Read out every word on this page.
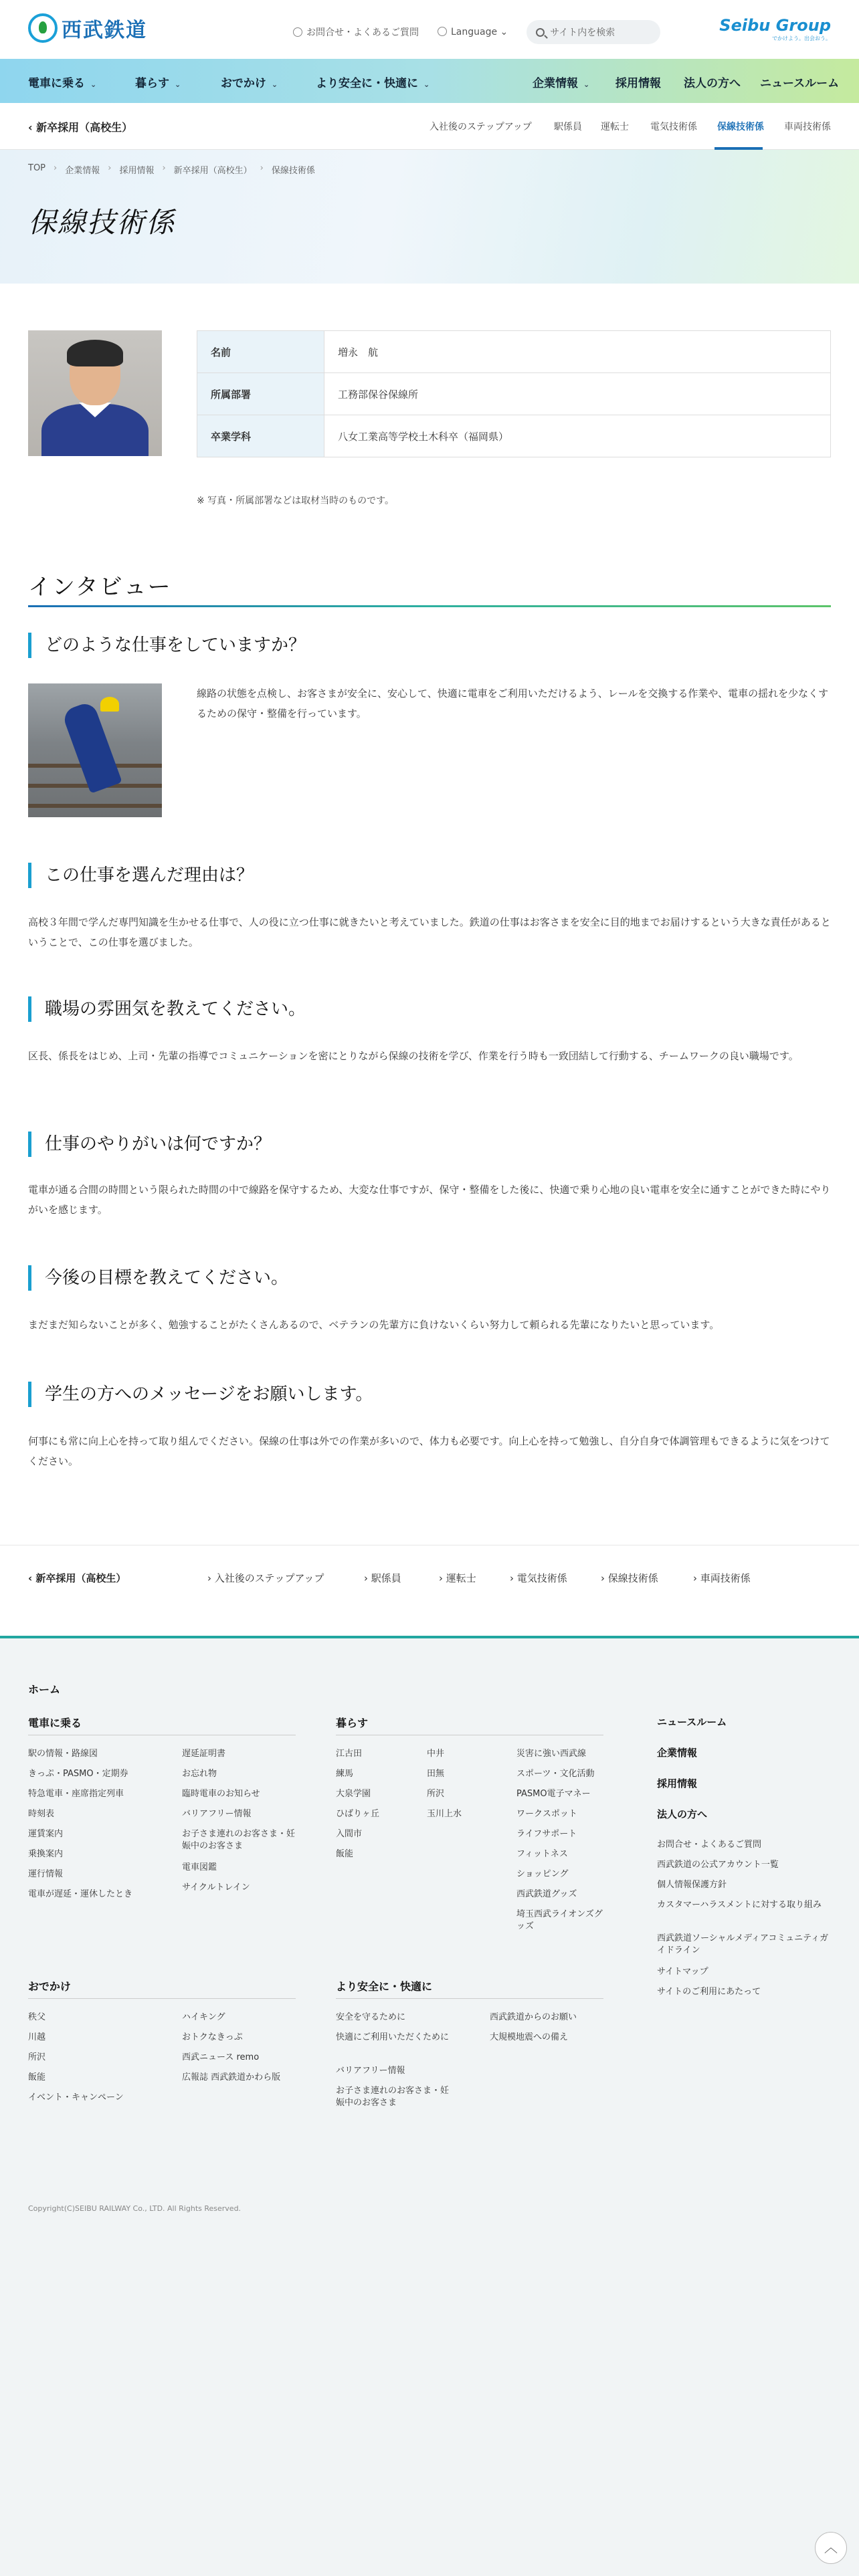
西武鉄道	お問合せ・よくあるご質問	Language ⌄	サイト内を検索	Seibu Group
でかけよう。出会おう。
電車に乗る ⌄	暮らす ⌄	おでかけ ⌄	より安全に・快適に ⌄	企業情報 ⌄ 採用情報 法人の方へ ニュースルーム
‹ 新卒採用（高校生）	入社後のステップアップ 駅係員 運転士 電気技術係 保線技術係 車両技術係
TOP › 企業情報 › 採用情報 › 新卒採用（高校生） › 保線技術係
保線技術係
名前	増永　航
所属部署	工務部保谷保線所
卒業学科	八女工業高等学校土木科卒（福岡県）
※ 写真・所属部署などは取材当時のものです。
インタビュー
どのような仕事をしていますか？
線路の状態を点検し、お客さまが安全に、安心して、快適に電車をご利用いただけるよう、レールを交換する作業や、電車の揺れを少なくするための保守・整備を行っています。
この仕事を選んだ理由は？
高校３年間で学んだ専門知識を生かせる仕事で、人の役に立つ仕事に就きたいと考えていました。鉄道の仕事はお客さまを安全に目的地までお届けするという大きな責任があるということで、この仕事を選びました。
職場の雰囲気を教えてください。
区長、係長をはじめ、上司・先輩の指導でコミュニケーションを密にとりながら保線の技術を学び、作業を行う時も一致団結して行動する、チームワークの良い職場です。
仕事のやりがいは何ですか？
電車が通る合間の時間という限られた時間の中で線路を保守するため、大変な仕事ですが、保守・整備をした後に、快適で乗り心地の良い電車を安全に通すことができた時にやりがいを感じます。
今後の目標を教えてください。
まだまだ知らないことが多く、勉強することがたくさんあるので、ベテランの先輩方に負けないくらい努力して頼られる先輩になりたいと思っています。
学生の方へのメッセージをお願いします。
何事にも常に向上心を持って取り組んでください。保線の仕事は外での作業が多いので、体力も必要です。向上心を持って勉強し、自分自身で体調管理もできるように気をつけてください。
‹ 新卒採用（高校生）	› 入社後のステップアップ	› 駅係員	› 運転士	› 電気技術係	› 保線技術係	› 車両技術係
ホーム
電車に乗る
駅の情報・路線図
きっぷ・PASMO・定期券
特急電車・座席指定列車
時刻表
運賃案内
乗換案内
運行情報
電車が遅延・運休したとき
遅延証明書
お忘れ物
臨時電車のお知らせ
バリアフリー情報
お子さま連れのお客さま・妊娠中のお客さま
電車図鑑
サイクルトレイン
暮らす
江古田
練馬
大泉学園
ひばりヶ丘
入間市
飯能
中井
田無
所沢
玉川上水
災害に強い西武線
スポーツ・文化活動
PASMO電子マネー
ワークスポット
ライフサポート
フィットネス
ショッピング
西武鉄道グッズ
埼玉西武ライオンズグッズ
おでかけ
秩父
川越
所沢
飯能
イベント・キャンペーン
ハイキング
おトクなきっぷ
西武ニュース remo
広報誌 西武鉄道かわら版
より安全に・快適に
安全を守るために
快適にご利用いただくために
バリアフリー情報
お子さま連れのお客さま・妊娠中のお客さま
西武鉄道からのお願い
大規模地震への備え
ニュースルーム
企業情報
採用情報
法人の方へ
お問合せ・よくあるご質問
西武鉄道の公式アカウント一覧
個人情報保護方針
カスタマーハラスメントに対する取り組み
西武鉄道ソーシャルメディアコミュニティガイドライン
サイトマップ
サイトのご利用にあたって
Copyright(C)SEIBU RAILWAY Co., LTD. All Rights Reserved.
︿
